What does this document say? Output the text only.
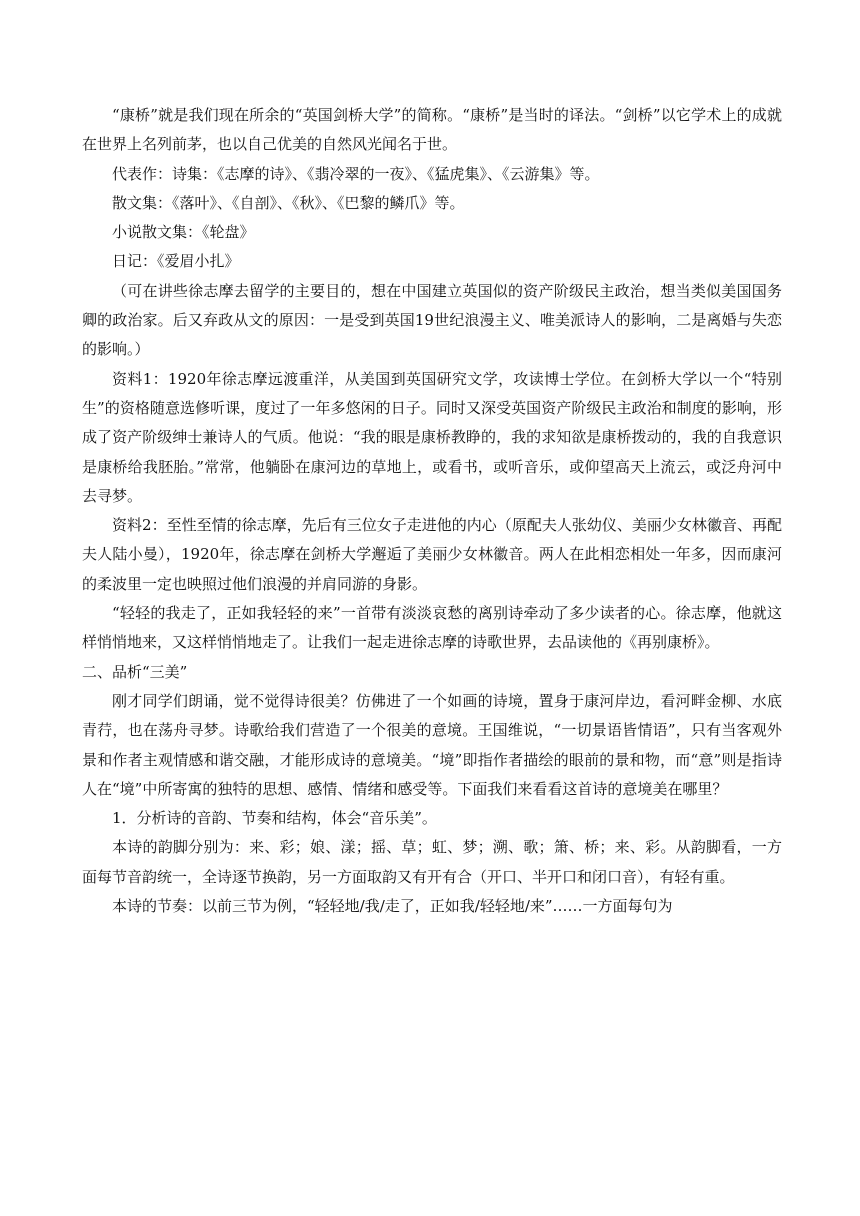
“康桥”就是我们现在所余的“英国剑桥大学”的简称。“康桥”是当时的译法。“剑桥”以它学术上的成就在世界上名列前茅，也以自己优美的自然风光闻名于世。

代表作：诗集：《志摩的诗》、《翡冷翠的一夜》、《猛虎集》、《云游集》等。

散文集：《落叶》、《自剖》、《秋》、《巴黎的鳞爪》等。

小说散文集：《轮盘》

日记：《爱眉小扎》

（可在讲些徐志摩去留学的主要目的，想在中国建立英国似的资产阶级民主政治，想当类似美国国务卿的政治家。后又弃政从文的原因：一是受到英国19世纪浪漫主义、唯美派诗人的影响，二是离婚与失恋的影响。）

资料1：1920年徐志摩远渡重洋，从美国到英国研究文学，攻读博士学位。在剑桥大学以一个“特别生”的资格随意选修听课，度过了一年多悠闲的日子。同时又深受英国资产阶级民主政治和制度的影响，形成了资产阶级绅士兼诗人的气质。他说：“我的眼是康桥教睁的，我的求知欲是康桥拨动的，我的自我意识是康桥给我胚胎。”常常，他躺卧在康河边的草地上，或看书，或听音乐，或仰望高天上流云，或泛舟河中去寻梦。

资料2：至性至情的徐志摩，先后有三位女子走进他的内心（原配夫人张幼仪、美丽少女林徽音、再配夫人陆小曼），1920年，徐志摩在剑桥大学邂逅了美丽少女林徽音。两人在此相恋相处一年多，因而康河的柔波里一定也映照过他们浪漫的并肩同游的身影。

“轻轻的我走了，正如我轻轻的来”一首带有淡淡哀愁的离别诗牵动了多少读者的心。徐志摩，他就这样悄悄地来，又这样悄悄地走了。让我们一起走进徐志摩的诗歌世界，去品读他的《再别康桥》。

二、品析“三美”

刚才同学们朗诵，觉不觉得诗很美？仿佛进了一个如画的诗境，置身于康河岸边，看河畔金柳、水底青荇，也在荡舟寻梦。诗歌给我们营造了一个很美的意境。王国维说，“一切景语皆情语”，只有当客观外景和作者主观情感和谐交融，才能形成诗的意境美。“境”即指作者描绘的眼前的景和物，而“意”则是指诗人在“境”中所寄寓的独特的思想、感情、情绪和感受等。下面我们来看看这首诗的意境美在哪里？

1．分析诗的音韵、节奏和结构，体会“音乐美”。

本诗的韵脚分别为：来、彩；娘、漾；摇、草；虹、梦；溯、歌；箫、桥；来、彩。从韵脚看，一方面每节音韵统一，全诗逐节换韵，另一方面取韵又有开有合（开口、半开口和闭口音），有轻有重。

本诗的节奏：以前三节为例，“轻轻地/我/走了，正如我/轻轻地/来”……一方面每句为
